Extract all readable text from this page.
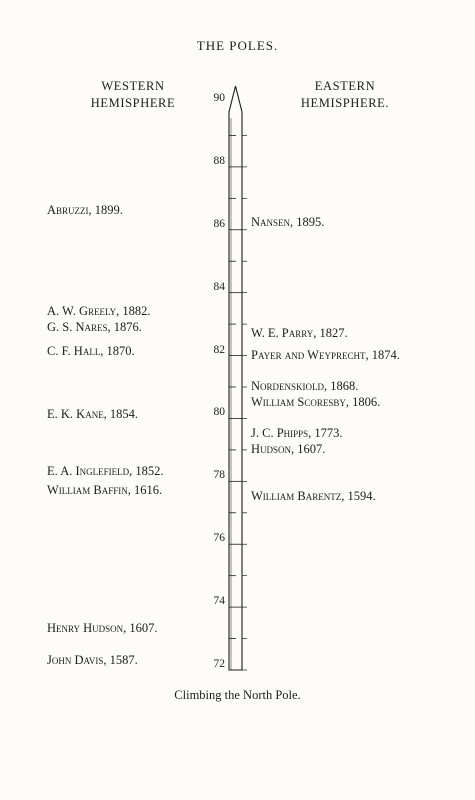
THE POLES.
WESTERN
HEMISPHERE
EASTERN
HEMISPHERE.
90
88
86
84
82
80
78
76
74
72
Abruzzi, 1899.
A. W. Greely, 1882.
G. S. Nares, 1876.
C. F. Hall, 1870.
E. K. Kane, 1854.
E. A. Inglefield, 1852.
William Baffin, 1616.
Henry Hudson, 1607.
John Davis, 1587.
Nansen, 1895.
W. E. Parry, 1827.
Payer and Weyprecht, 1874.
Nordenskiold, 1868.
William Scoresby, 1806.
J. C. Phipps, 1773.
Hudson, 1607.
William Barentz, 1594.
Climbing the North Pole.
